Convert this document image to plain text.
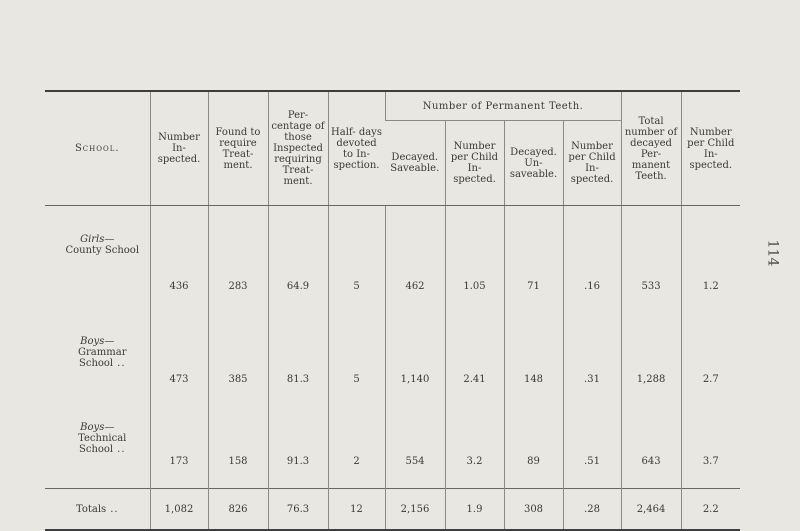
114
School.	Number In- spected.	Found to require Treat- ment.	Per- centage of those Inspected requiring Treat- ment.	Half- days devoted to In- spection.	Number of Permanent Teeth.				Total number of decayed Per- manent Teeth.	Number per Child In- spected.
					Decayed. Saveable.	Number per Child In- spected.	Decayed. Un- saveable.	Number per Child In- spected.		

Girls—
County School	436	283	64.9	5	462	1.05	71	.16	533	1.2

Boys—
Grammar School ..	473	385	81.3	5	1,140	2.41	148	.31	1,288	2.7

Boys—
Technical School ..	173	158	91.3	2	554	3.2	89	.51	643	3.7
Totals ..	1,082	826	76.3	12	2,156	1.9	308	.28	2,464	2.2
